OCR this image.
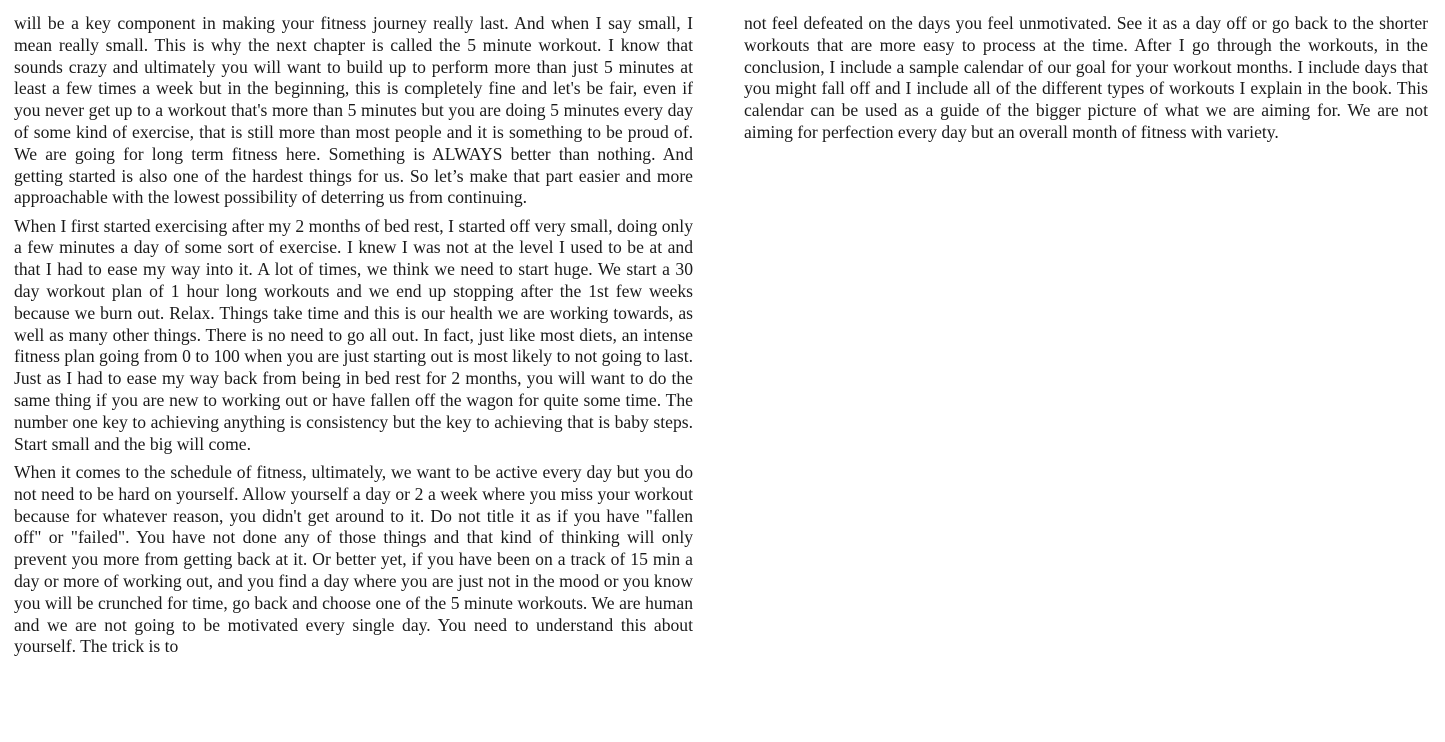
will be a key component in making your fitness journey really last. And when I say small, I mean really small. This is why the next chapter is called the 5 minute workout. I know that sounds crazy and ultimately you will want to build up to perform more than just 5 minutes at least a few times a week but in the beginning, this is completely fine and let's be fair, even if you never get up to a workout that's more than 5 minutes but you are doing 5 minutes every day of some kind of exercise, that is still more than most people and it is something to be proud of. We are going for long term fitness here. Something is ALWAYS better than nothing. And getting started is also one of the hardest things for us. So let’s make that part easier and more approachable with the lowest possibility of deterring us from continuing.

When I first started exercising after my 2 months of bed rest, I started off very small, doing only a few minutes a day of some sort of exercise. I knew I was not at the level I used to be at and that I had to ease my way into it. A lot of times, we think we need to start huge. We start a 30 day workout plan of 1 hour long workouts and we end up stopping after the 1st few weeks because we burn out. Relax. Things take time and this is our health we are working towards, as well as many other things. There is no need to go all out. In fact, just like most diets, an intense fitness plan going from 0 to 100 when you are just starting out is most likely to not going to last. Just as I had to ease my way back from being in bed rest for 2 months, you will want to do the same thing if you are new to working out or have fallen off the wagon for quite some time. The number one key to achieving anything is consistency but the key to achieving that is baby steps. Start small and the big will come.

When it comes to the schedule of fitness, ultimately, we want to be active every day but you do not need to be hard on yourself. Allow yourself a day or 2 a week where you miss your workout because for whatever reason, you didn't get around to it. Do not title it as if you have "fallen off" or "failed". You have not done any of those things and that kind of thinking will only prevent you more from getting back at it. Or better yet, if you have been on a track of 15 min a day or more of working out, and you find a day where you are just not in the mood or you know you will be crunched for time, go back and choose one of the 5 minute workouts. We are human and we are not going to be motivated every single day. You need to understand this about yourself. The trick is to

not feel defeated on the days you feel unmotivated. See it as a day off or go back to the shorter workouts that are more easy to process at the time. After I go through the workouts, in the conclusion, I include a sample calendar of our goal for your workout months. I include days that you might fall off and I include all of the different types of workouts I explain in the book. This calendar can be used as a guide of the bigger picture of what we are aiming for. We are not aiming for perfection every day but an overall month of fitness with variety.
